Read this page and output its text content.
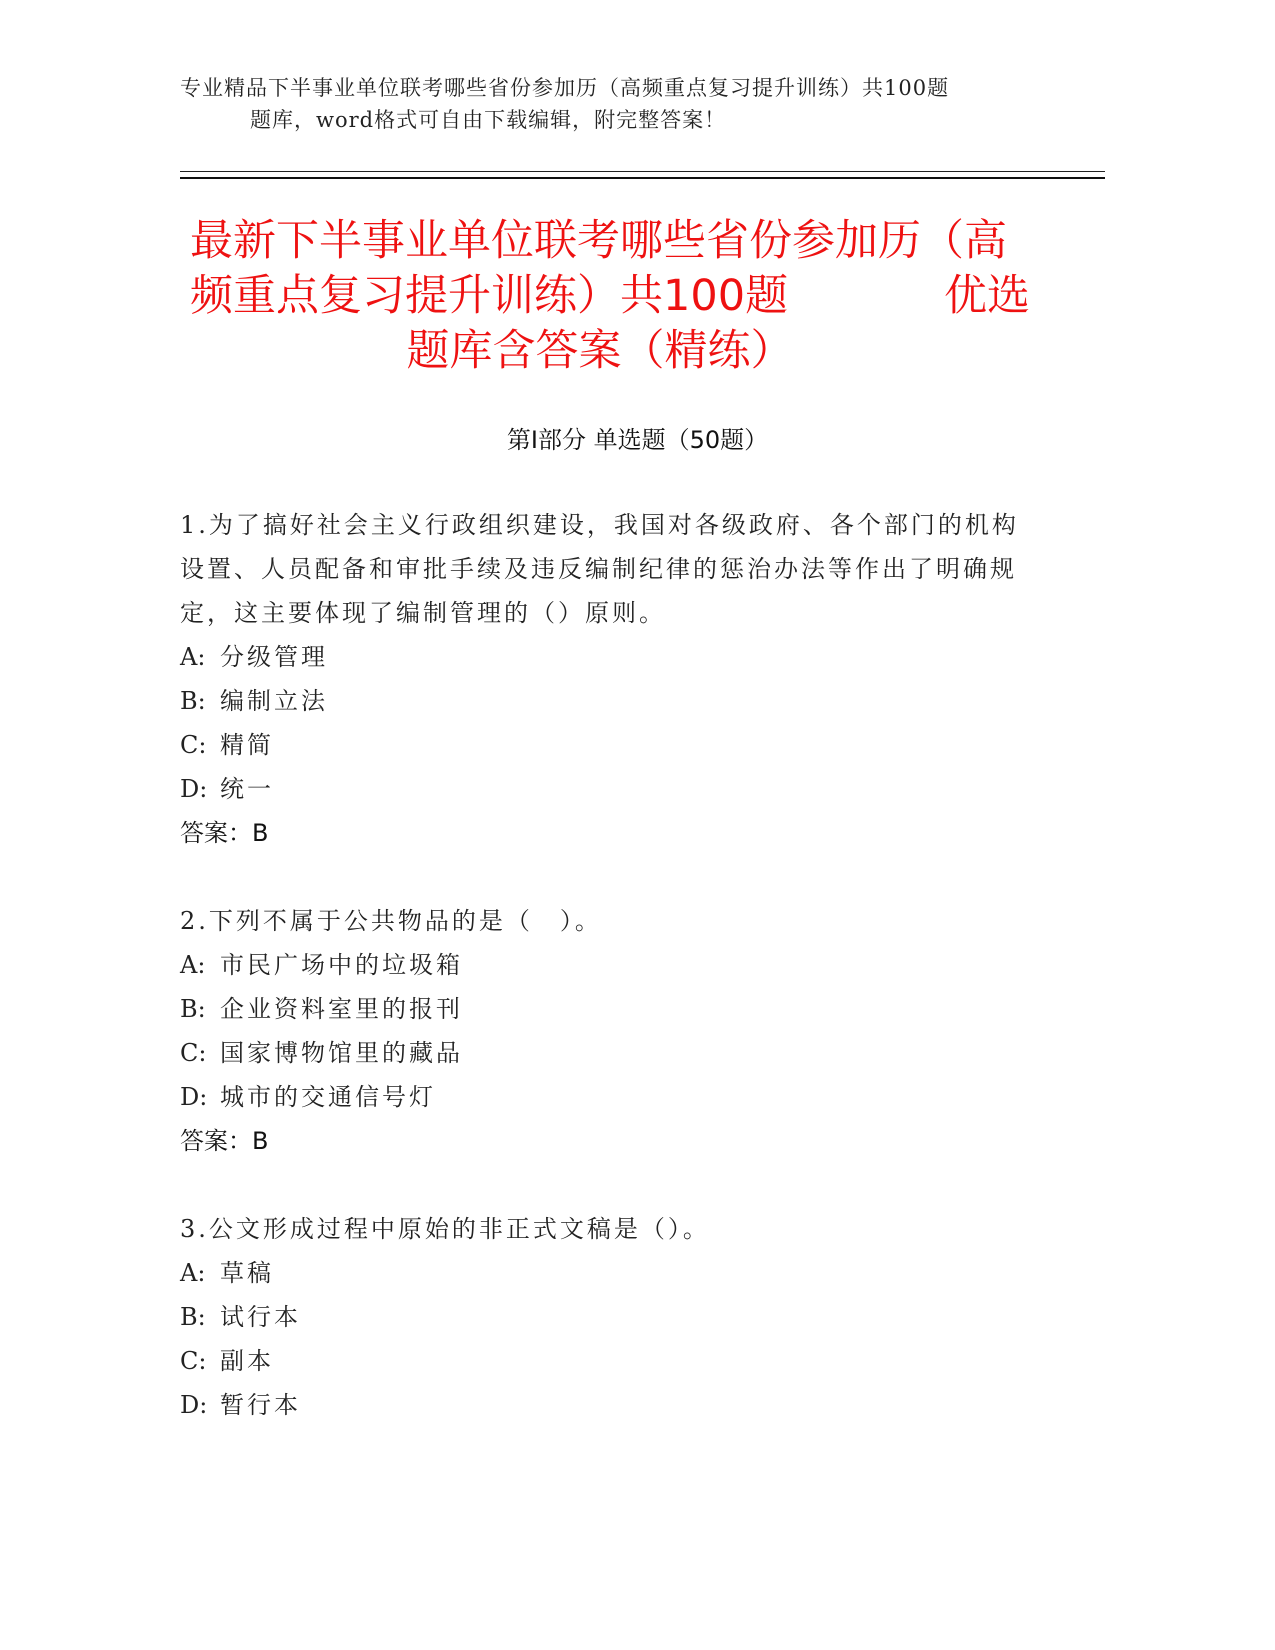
专业精品下半事业单位联考哪些省份参加历（高频重点复习提升训练）共100题
题库，word格式可自由下载编辑，附完整答案！
最新下半事业单位联考哪些省份参加历（高
频重点复习提升训练）共100题	优选
题库含答案（精练）
第I部分 单选题（50题）
1.为了搞好社会主义行政组织建设，我国对各级政府、各个部门的机构设置、人员配备和审批手续及违反编制纪律的惩治办法等作出了明确规定，这主要体现了编制管理的（）原则。
A: 分级管理
B: 编制立法
C: 精简
D: 统一
答案：B
2.下列不属于公共物品的是（　）。
A: 市民广场中的垃圾箱
B: 企业资料室里的报刊
C: 国家博物馆里的藏品
D: 城市的交通信号灯
答案：B
3.公文形成过程中原始的非正式文稿是（）。
A: 草稿
B: 试行本
C: 副本
D: 暂行本
